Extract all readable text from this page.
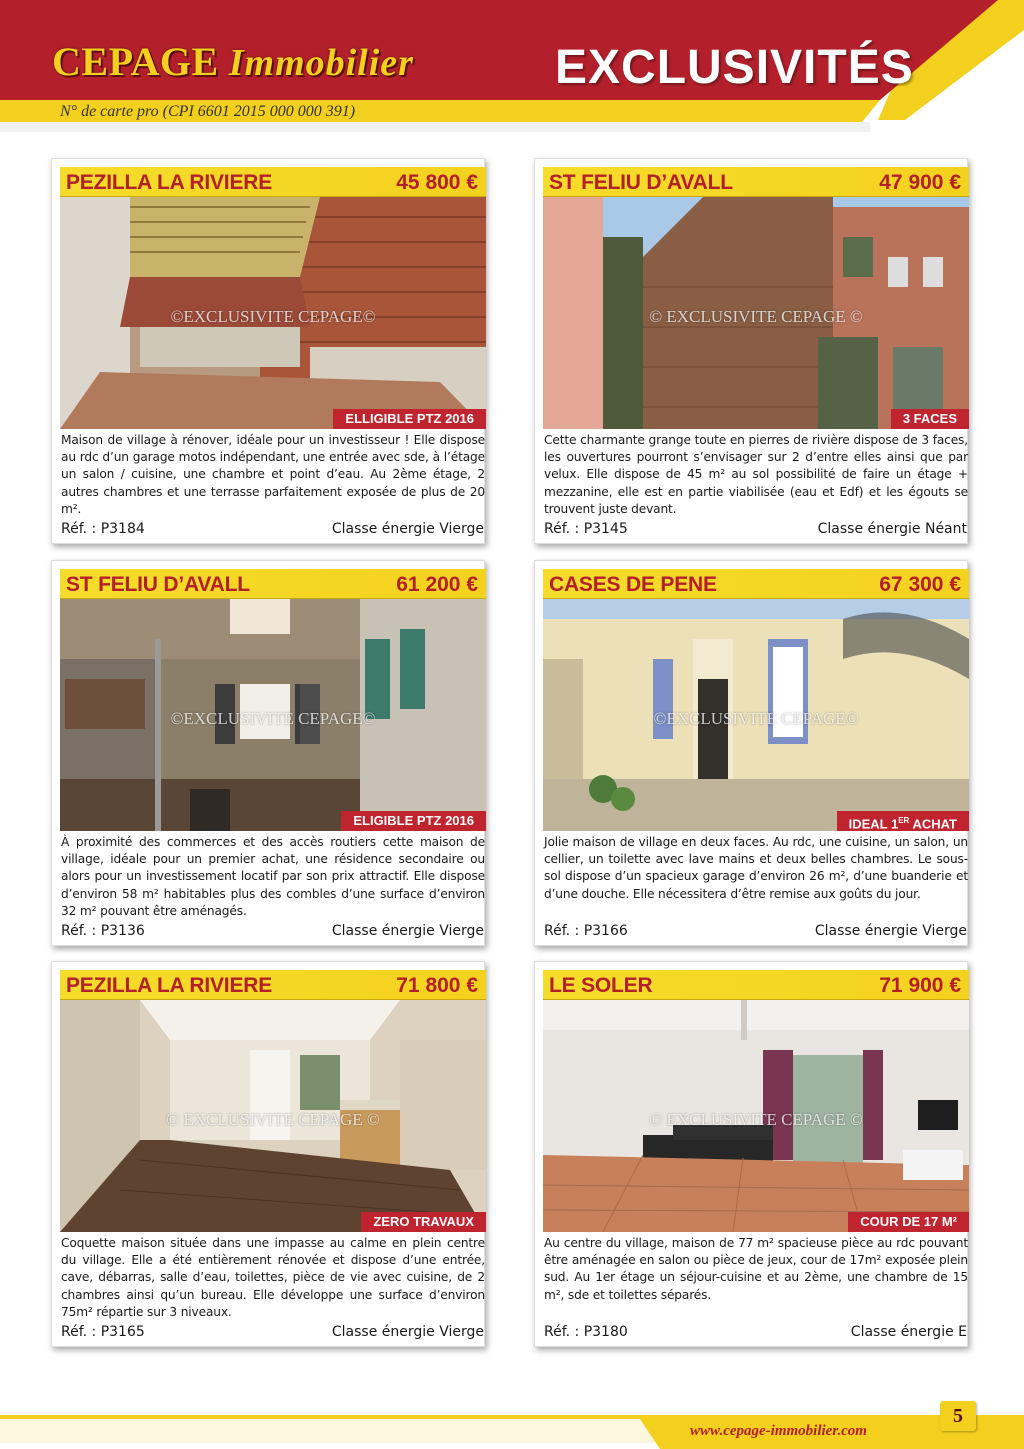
CEPAGE Immobilier	EXCLUSIVITÉS
N° de carte pro (CPI 6601 2015 000 000 391)
PEZILLA LA RIVIERE	45 800 €
©EXCLUSIVITE CEPAGE©
ELLIGIBLE PTZ 2016
Maison de village à rénover, idéale pour un investisseur ! Elle dispose au rdc d’un garage motos indépendant, une entrée avec sde, à l’étage un salon / cuisine, une chambre et point d’eau. Au 2ème étage, 2 autres chambres et une terrasse parfaitement exposée de plus de 20 m².
Réf. : P3184	Classe énergie Vierge
ST FELIU D’AVALL	47 900 €
© EXCLUSIVITE CEPAGE ©
3 FACES
Cette charmante grange toute en pierres de rivière dispose de 3 faces, les ouvertures pourront s’envisager sur 2 d’entre elles ainsi que par velux. Elle dispose de 45 m² au sol possibilité de faire un étage + mezzanine, elle est en partie viabilisée (eau et Edf) et les égouts se trouvent juste devant.
Réf. : P3145	Classe énergie Néant
ST FELIU D’AVALL	61 200 €
©EXCLUSIVITE CEPAGE©
ELIGIBLE PTZ 2016
À proximité des commerces et des accès routiers cette maison de village, idéale pour un premier achat, une résidence secondaire ou alors pour un investissement locatif par son prix attractif. Elle dispose d’environ 58 m² habitables plus des combles d’une surface d’environ 32 m² pouvant être aménagés.
Réf. : P3136	Classe énergie Vierge
CASES DE PENE	67 300 €
©EXCLUSIVITE CEPAGE©
IDEAL 1ER ACHAT
Jolie maison de village en deux faces. Au rdc, une cuisine, un salon, un cellier, un toilette avec lave mains et deux belles chambres. Le sous-sol dispose d’un spacieux garage d’environ 26 m², d’une buanderie et d’une douche. Elle nécessitera d’être remise aux goûts du jour.
Réf. : P3166	Classe énergie Vierge
PEZILLA LA RIVIERE	71 800 €
© EXCLUSIVITE CEPAGE ©
ZERO TRAVAUX
Coquette maison située dans une impasse au calme en plein centre du village. Elle a été entièrement rénovée et dispose d’une entrée, cave, débarras, salle d’eau, toilettes, pièce de vie avec cuisine, de 2 chambres ainsi qu’un bureau. Elle développe une surface d’environ 75m² répartie sur 3 niveaux.
Réf. : P3165	Classe énergie Vierge
LE SOLER	71 900 €
© EXCLUSIVITE CEPAGE ©
COUR DE 17 M²
Au centre du village, maison de 77 m² spacieuse pièce au rdc pouvant être aménagée en salon ou pièce de jeux, cour de 17m² exposée plein sud. Au 1er étage un séjour-cuisine et au 2ème, une chambre de 15 m², sde et toilettes séparés.
Réf. : P3180	Classe énergie E
www.cepage-immobilier.com
5
